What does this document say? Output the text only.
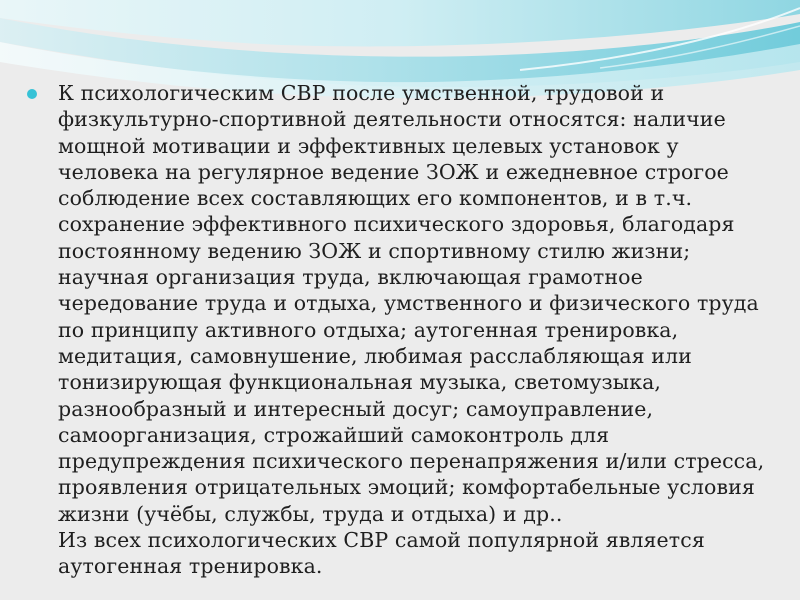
К психологическим СВР после умственной, трудовой и физкультурно-спортивной деятельности относятся: наличие мощной мотивации и эффективных целевых установок у человека на регулярное ведение ЗОЖ и ежедневное строгое соблюдение всех составляющих его компонентов, и в т.ч. сохранение эффективного психического здоровья, благодаря постоянному ведению ЗОЖ и спортивному стилю жизни; научная организация труда, включающая грамотное чередование труда и отдыха, умственного и физического труда по принципу активного отдыха; аутогенная тренировка, медитация, самовнушение, любимая расслабляющая или тонизирующая функциональная музыка, светомузыка, разнообразный и интересный досуг; самоуправление, самоорганизация, строжайший самоконтроль для предупреждения психического перенапряжения и/или стресса, проявления отрицательных эмоций; комфортабельные условия жизни (учёбы, службы, труда и отдыха) и др..

Из всех психологических СВР самой популярной является аутогенная тренировка.
